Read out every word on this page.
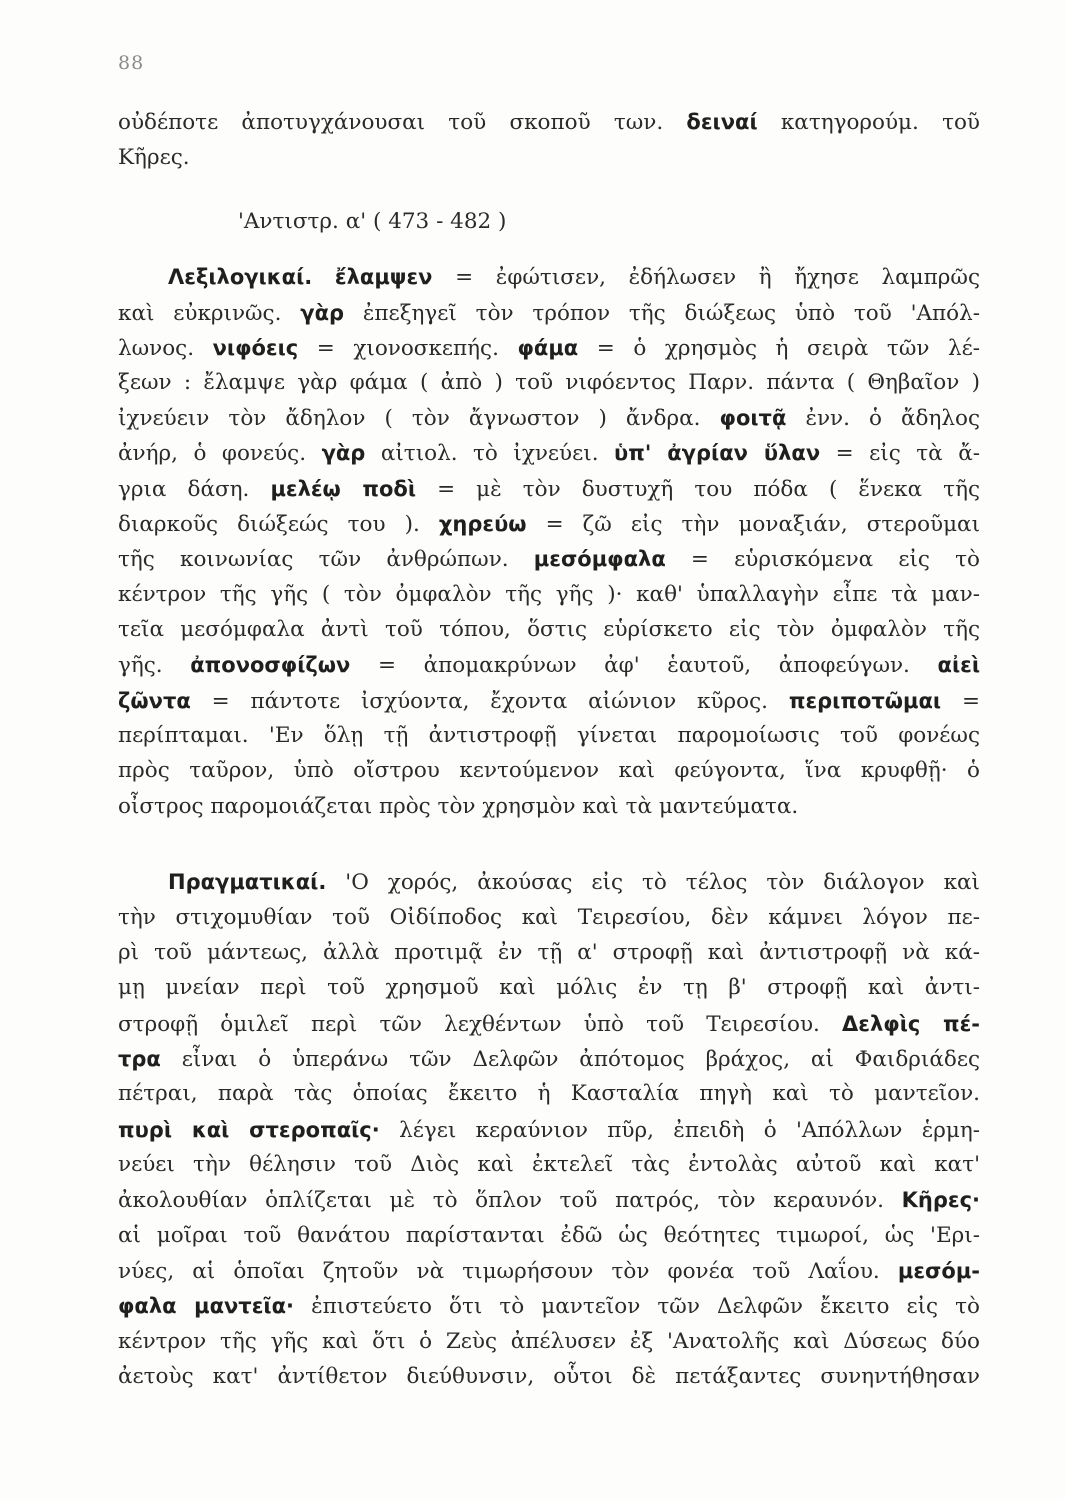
88
οὐδέποτε ἀποτυγχάνουσαι τοῦ σκοποῦ των. δειναί κατηγορούμ. τοῦ
Κῆρες.
'Αντιστρ. α' ( 473 - 482 )
Λεξιλογικαί. ἔλαμψεν = ἐφώτισεν, ἐδήλωσεν ἢ ἤχησε λαμπρῶς
καὶ εὐκρινῶς. γὰρ ἐπεξηγεῖ τὸν τρόπον τῆς διώξεως ὑπὸ τοῦ 'Απόλ-
λωνος. νιφόεις = χιονοσκεπής. φάμα = ὁ χρησμὸς ἡ σειρὰ τῶν λέ-
ξεων : ἔλαμψε γὰρ φάμα ( ἀπὸ ) τοῦ νιφόεντος Παρν. πάντα ( Θηβαῖον )
ἰχνεύειν τὸν ἄδηλον ( τὸν ἄγνωστον ) ἄνδρα. φοιτᾷ ἐνν. ὁ ἄδηλος
ἀνήρ, ὁ φονεύς. γὰρ αἰτιολ. τὸ ἰχνεύει. ὑπ' ἀγρίαν ὕλαν = εἰς τὰ ἄ-
γρια δάση. μελέῳ ποδὶ = μὲ τὸν δυστυχῆ του πόδα ( ἕνεκα τῆς
διαρκοῦς διώξεώς του ). χηρεύω = ζῶ εἰς τὴν μοναξιάν, στεροῦμαι
τῆς κοινωνίας τῶν ἀνθρώπων. μεσόμφαλα = εὑρισκόμενα εἰς τὸ
κέντρον τῆς γῆς ( τὸν ὀμφαλὸν τῆς γῆς )· καθ' ὑπαλλαγὴν εἶπε τὰ μαν-
τεῖα μεσόμφαλα ἀντὶ τοῦ τόπου, ὅστις εὑρίσκετο εἰς τὸν ὀμφαλὸν τῆς
γῆς. ἀπονοσφίζων = ἀπομακρύνων ἀφ' ἑαυτοῦ, ἀποφεύγων. αἰεὶ
ζῶντα = πάντοτε ἰσχύοντα, ἔχοντα αἰώνιον κῦρος. περιποτῶμαι =
περίπταμαι. 'Εν ὅλῃ τῇ ἀντιστροφῇ γίνεται παρομοίωσις τοῦ φονέως
πρὸς ταῦρον, ὑπὸ οἴστρου κεντούμενον καὶ φεύγοντα, ἵνα κρυφθῇ· ὁ
οἶστρος παρομοιάζεται πρὸς τὸν χρησμὸν καὶ τὰ μαντεύματα.
Πραγματικαί. 'Ο χορός, ἀκούσας εἰς τὸ τέλος τὸν διάλογον καὶ
τὴν στιχομυθίαν τοῦ Οἰδίποδος καὶ Τειρεσίου, δὲν κάμνει λόγον πε-
ρὶ τοῦ μάντεως, ἀλλὰ προτιμᾷ ἐν τῇ α' στροφῇ καὶ ἀντιστροφῇ νὰ κά-
μῃ μνείαν περὶ τοῦ χρησμοῦ καὶ μόλις ἐν τῃ β' στροφῇ καὶ ἀντι-
στροφῇ ὁμιλεῖ περὶ τῶν λεχθέντων ὑπὸ τοῦ Τειρεσίου. Δελφὶς πέ-
τρα εἶναι ὁ ὑπεράνω τῶν Δελφῶν ἀπότομος βράχος, αἱ Φαιδριάδες
πέτραι, παρὰ τὰς ὁποίας ἔκειτο ἡ Κασταλία πηγὴ καὶ τὸ μαντεῖον.
πυρὶ καὶ στεροπαῖς· λέγει κεραύνιον πῦρ, ἐπειδὴ ὁ 'Απόλλων ἑρμη-
νεύει τὴν θέλησιν τοῦ Διὸς καὶ ἐκτελεῖ τὰς ἐντολὰς αὐτοῦ καὶ κατ'
ἀκολουθίαν ὁπλίζεται μὲ τὸ ὅπλον τοῦ πατρός, τὸν κεραυνόν. Κῆρες·
αἱ μοῖραι τοῦ θανάτου παρίστανται ἐδῶ ὡς θεότητες τιμωροί, ὡς 'Ερι-
νύες, αἱ ὁποῖαι ζητοῦν νὰ τιμωρήσουν τὸν φονέα τοῦ Λαΐου. μεσόμ-
φαλα μαντεῖα· ἐπιστεύετο ὅτι τὸ μαντεῖον τῶν Δελφῶν ἔκειτο εἰς τὸ
κέντρον τῆς γῆς καὶ ὅτι ὁ Ζεὺς ἀπέλυσεν ἐξ 'Ανατολῆς καὶ Δύσεως δύο
ἀετοὺς κατ' ἀντίθετον διεύθυνσιν, οὗτοι δὲ πετάξαντες συνηντήθησαν
